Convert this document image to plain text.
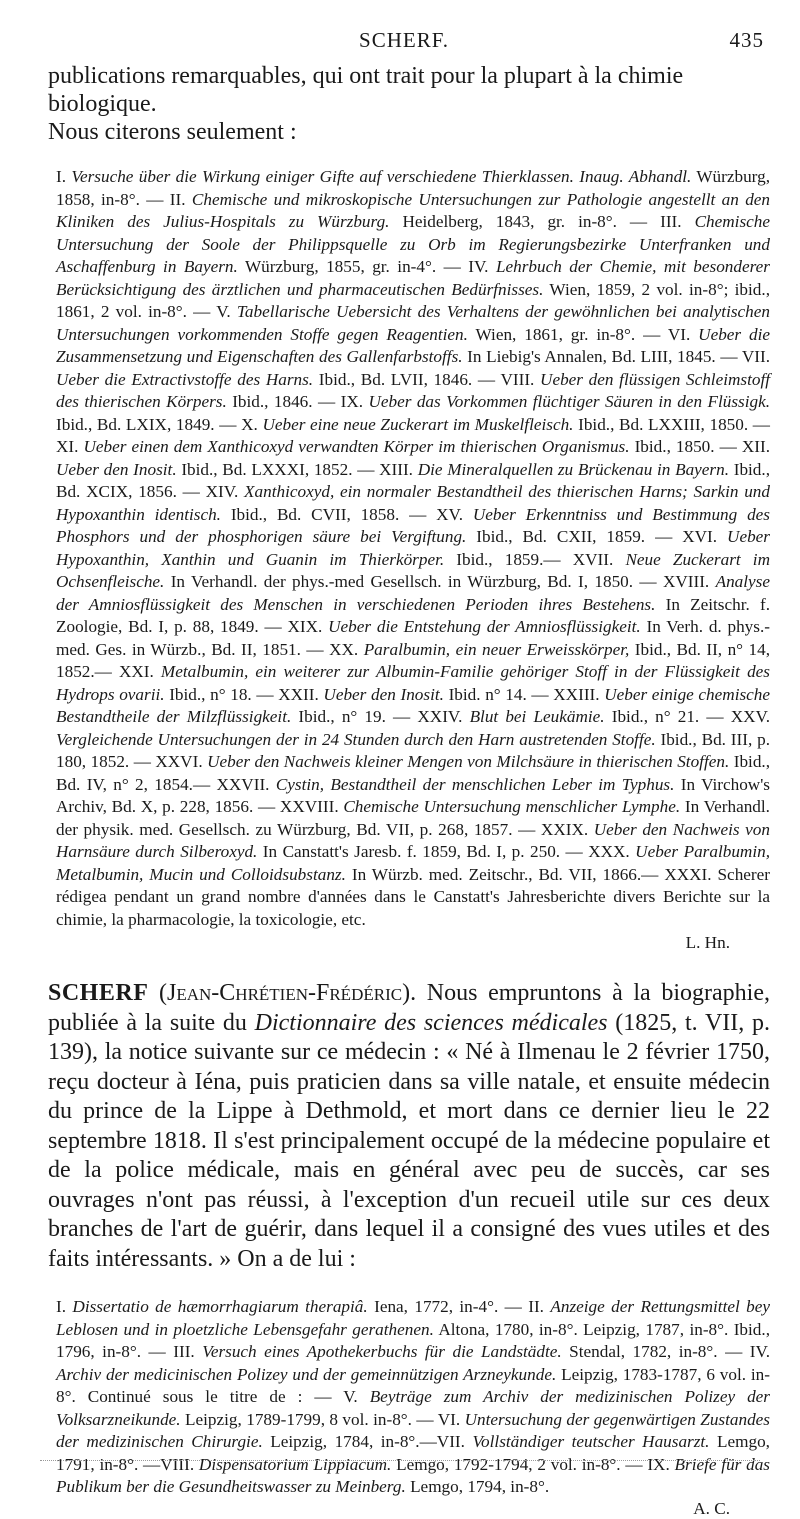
SCHERF.	435

publications remarquables, qui ont trait pour la plupart à la chimie biologique.

Nous citerons seulement :

I. Versuche über die Wirkung einiger Gifte auf verschiedene Thierklassen. Inaug. Abhandl. Würzburg, 1858, in-8°. — II. Chemische und mikroskopische Untersuchungen zur Pathologie angestellt an den Kliniken des Julius-Hospitals zu Würzburg. Heidelberg, 1843, gr. in-8°. — III. Chemische Untersuchung der Soole der Philippsquelle zu Orb im Regierungsbezirke Unterfranken und Aschaffenburg in Bayern. Würzburg, 1855, gr. in-4°. — IV. Lehrbuch der Chemie, mit besonderer Berücksichtigung des ärztlichen und pharmaceutischen Bedürfnisses. Wien, 1859, 2 vol. in-8°; ibid., 1861, 2 vol. in-8°. — V. Tabellarische Uebersicht des Verhaltens der gewöhnlichen bei analytischen Untersuchungen vorkommenden Stoffe gegen Reagentien. Wien, 1861, gr. in-8°. — VI. Ueber die Zusammensetzung und Eigenschaften des Gallenfarbstoffs. In Liebig's Annalen, Bd. LIII, 1845. — VII. Ueber die Extractivstoffe des Harns. Ibid., Bd. LVII, 1846. — VIII. Ueber den flüssigen Schleimstoff des thierischen Körpers. Ibid., 1846. — IX. Ueber das Vorkommen flüchtiger Säuren in den Flüssigk. Ibid., Bd. LXIX, 1849. — X. Ueber eine neue Zuckerart im Muskelfleisch. Ibid., Bd. LXXIII, 1850. — XI. Ueber einen dem Xanthicoxyd verwandten Körper im thierischen Organismus. Ibid., 1850. — XII. Ueber den Inosit. Ibid., Bd. LXXXI, 1852. — XIII. Die Mineralquellen zu Brückenau in Bayern. Ibid., Bd. XCIX, 1856. — XIV. Xanthicoxyd, ein normaler Bestandtheil des thierischen Harns; Sarkin und Hypoxanthin identisch. Ibid., Bd. CVII, 1858. — XV. Ueber Erkenntniss und Bestimmung des Phosphors und der phosphorigen säure bei Vergiftung. Ibid., Bd. CXII, 1859. — XVI. Ueber Hypoxanthin, Xanthin und Guanin im Thierkörper. Ibid., 1859.— XVII. Neue Zuckerart im Ochsenfleische. In Verhandl. der phys.-med Gesellsch. in Würzburg, Bd. I, 1850. — XVIII. Analyse der Amniosflüssigkeit des Menschen in verschiedenen Perioden ihres Bestehens. In Zeitschr. f. Zoologie, Bd. I, p. 88, 1849. — XIX. Ueber die Entstehung der Amniosflüssigkeit. In Verh. d. phys.-med. Ges. in Würzb., Bd. II, 1851. — XX. Paralbumin, ein neuer Erweisskörper, Ibid., Bd. II, n° 14, 1852.— XXI. Metalbumin, ein weiterer zur Albumin-Familie gehöriger Stoff in der Flüssigkeit des Hydrops ovarii. Ibid., n° 18. — XXII. Ueber den Inosit. Ibid. n° 14. — XXIII. Ueber einige chemische Bestandtheile der Milzflüssigkeit. Ibid., n° 19. — XXIV. Blut bei Leukämie. Ibid., n° 21. — XXV. Vergleichende Untersuchungen der in 24 Stunden durch den Harn austretenden Stoffe. Ibid., Bd. III, p. 180, 1852. — XXVI. Ueber den Nachweis kleiner Mengen von Milchsäure in thierischen Stoffen. Ibid., Bd. IV, n° 2, 1854.— XXVII. Cystin, Bestandtheil der menschlichen Leber im Typhus. In Virchow's Archiv, Bd. X, p. 228, 1856. — XXVIII. Chemische Untersuchung menschlicher Lymphe. In Verhandl. der physik. med. Gesellsch. zu Würzburg, Bd. VII, p. 268, 1857. — XXIX. Ueber den Nachweis von Harnsäure durch Silberoxyd. In Canstatt's Jaresb. f. 1859, Bd. I, p. 250. — XXX. Ueber Paralbumin, Metalbumin, Mucin und Colloidsubstanz. In Würzb. med. Zeitschr., Bd. VII, 1866.— XXXI. Scherer rédigea pendant un grand nombre d'années dans le Canstatt's Jahresberichte divers Berichte sur la chimie, la pharmacologie, la toxicologie, etc.
L. Hn.
SCHERF (Jean-Chrétien-Frédéric). Nous empruntons à la biographie, publiée à la suite du Dictionnaire des sciences médicales (1825, t. VII, p. 139), la notice suivante sur ce médecin : « Né à Ilmenau le 2 février 1750, reçu docteur à Iéna, puis praticien dans sa ville natale, et ensuite médecin du prince de la Lippe à Dethmold, et mort dans ce dernier lieu le 22 septembre 1818. Il s'est principalement occupé de la médecine populaire et de la police médicale, mais en général avec peu de succès, car ses ouvrages n'ont pas réussi, à l'exception d'un recueil utile sur ces deux branches de l'art de guérir, dans lequel il a consigné des vues utiles et des faits intéressants. » On a de lui :
I. Dissertatio de hæmorrhagiarum therapiâ. Iena, 1772, in-4°. — II. Anzeige der Rettungsmittel bey Leblosen und in ploetzliche Lebensgefahr gerathenen. Altona, 1780, in-8°. Leipzig, 1787, in-8°. Ibid., 1796, in-8°. — III. Versuch eines Apothekerbuchs für die Landstädte. Stendal, 1782, in-8°. — IV. Archiv der medicinischen Polizey und der gemeinnützigen Arzneykunde. Leipzig, 1783-1787, 6 vol. in-8°. Continué sous le titre de : — V. Beyträge zum Archiv der medizinischen Polizey der Volksarzneikunde. Leipzig, 1789-1799, 8 vol. in-8°. — VI. Untersuchung der gegenwärtigen Zustandes der medizinischen Chirurgie. Leipzig, 1784, in-8°.—VII. Vollständiger teutscher Hausarzt. Lemgo, 1791, in-8°. —VIII. Dispensatorium Lippiacum. Lemgo, 1792-1794, 2 vol. in-8°. — IX. Briefe für das Publikum ber die Gesundheitswasser zu Meinberg. Lemgo, 1794, in-8°.
A. C.
